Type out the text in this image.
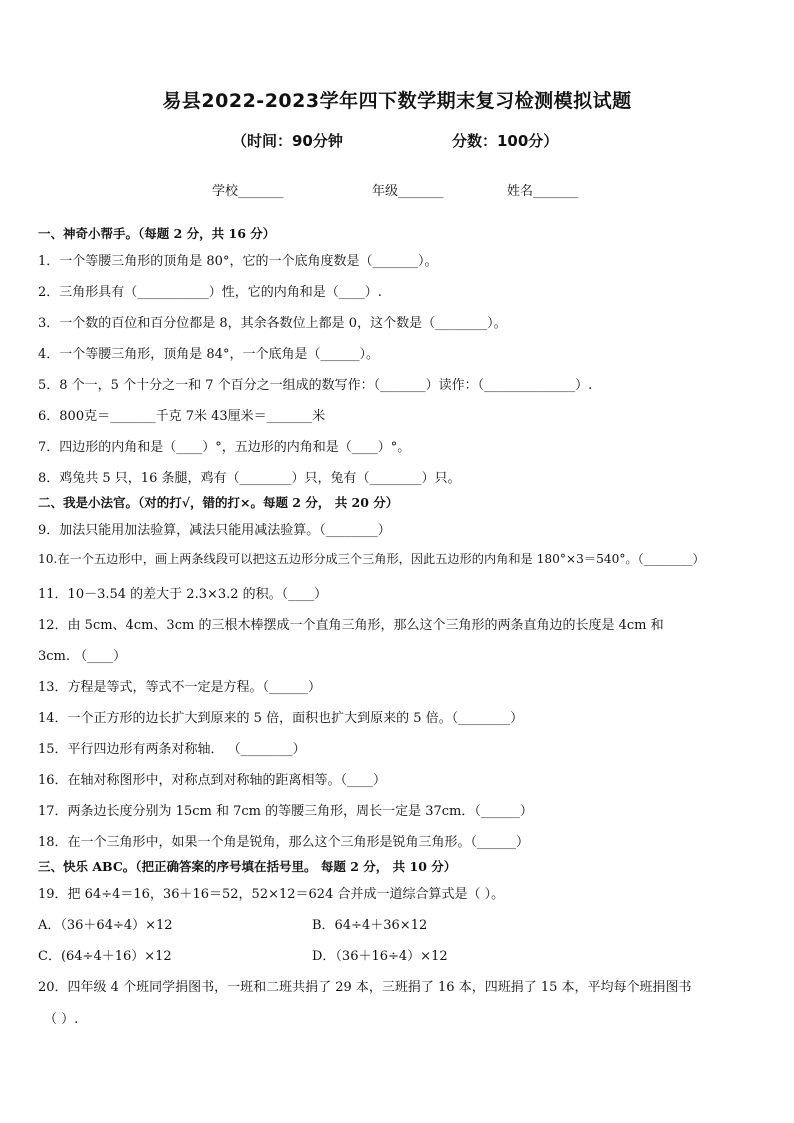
易县2022-2023学年四下数学期末复习检测模拟试题
（时间：90分钟	分数：100分）
学校_______	年级_______	姓名_______
一、神奇小帮手。（每题 2 分，共 16 分）
1．一个等腰三角形的顶角是 80°，它的一个底角度数是（_______）。
2．三角形具有（___________）性，它的内角和是（____）.
3．一个数的百位和百分位都是 8，其余各数位上都是 0，这个数是（________）。
4．一个等腰三角形，顶角是 84°，一个底角是（______）。
5．8 个一，5 个十分之一和 7 个百分之一组成的数写作：（_______）读作：（______________）.
6．800克＝_______千克 7米 43厘米＝_______米
7．四边形的内角和是（____）°，五边形的内角和是（____）°。
8．鸡兔共 5 只，16 条腿，鸡有（________）只，兔有（________）只。
二、我是小法官。（对的打√，错的打×。每题 2 分， 共 20 分）
9．加法只能用加法验算，减法只能用减法验算。（________）
10.在一个五边形中，画上两条线段可以把这五边形分成三个三角形，因此五边形的内角和是 180°×3＝540°。（________）
11．10－3.54 的差大于 2.3×3.2 的积。（____）
12．由 5cm、4cm、3cm 的三根木棒摆成一个直角三角形，那么这个三角形的两条直角边的长度是 4cm 和
3cm. （____）
13．方程是等式，等式不一定是方程。（______）
14．一个正方形的边长扩大到原来的 5 倍，面积也扩大到原来的 5 倍。（________）
15．平行四边形有两条对称轴． （________）
16．在轴对称图形中，对称点到对称轴的距离相等。（____）
17．两条边长度分别为 15cm 和 7cm 的等腰三角形，周长一定是 37cm．（______）
18．在一个三角形中，如果一个角是锐角，那么这个三角形是锐角三角形。（______）
三、快乐 ABC。（把正确答案的序号填在括号里。 每题 2 分， 共 10 分）
19．把 64÷4＝16，36＋16＝52，52×12＝624 合并成一道综合算式是（ ）。
A．（36＋64÷4）×12	B．64÷4＋36×12
C．(64÷4＋16）×12	D．（36＋16÷4）×12
20．四年级 4 个班同学捐图书，一班和二班共捐了 29 本，三班捐了 16 本，四班捐了 15 本，平均每个班捐图书
（ ）.
